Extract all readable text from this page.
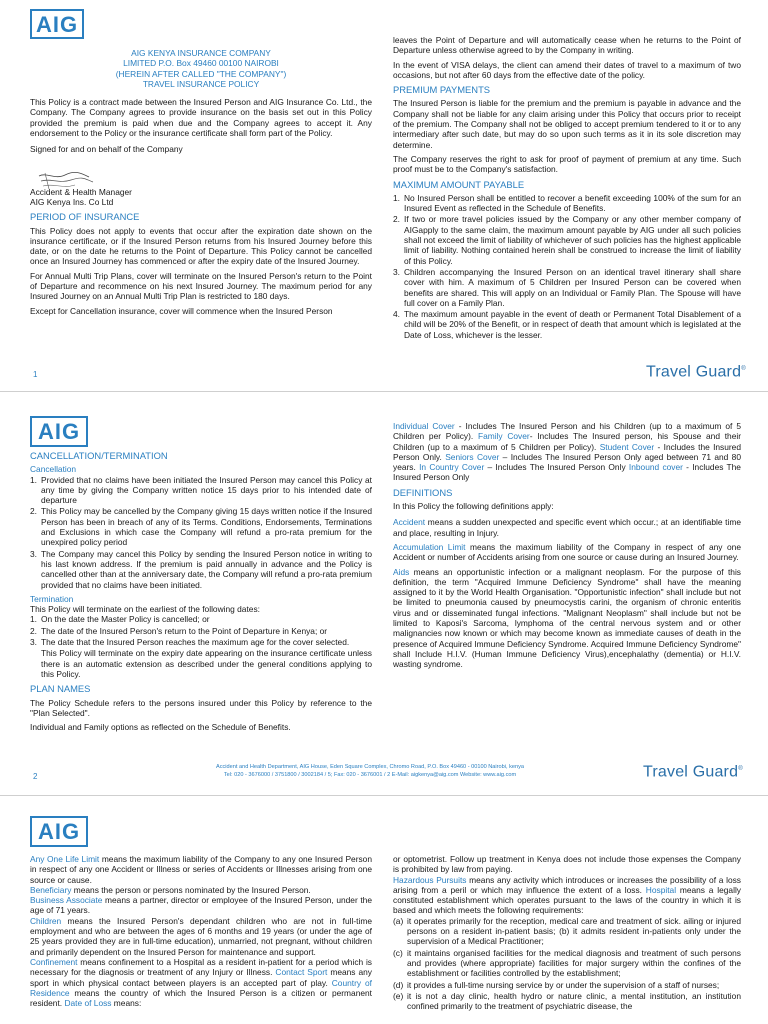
AIG

AIG KENYA INSURANCE COMPANY

LIMITED P.O. Box 49460 00100 NAIROBI

(HEREIN AFTER CALLED "THE COMPANY")

TRAVEL INSURANCE POLICY

This Policy is a contract made between the Insured Person and AIG Insurance Co. Ltd., the Company. The Company agrees to provide insurance on the basis set out in this Policy provided the premium is paid when due and the Company agrees to accept it. Any endorsement to the Policy or the insurance certificate shall form part of the Policy.

Signed for and on behalf of the Company

Accident & Health Manager

AIG Kenya Ins. Co Ltd

PERIOD OF INSURANCE

This Policy does not apply to events that occur after the expiration date shown on the insurance certificate, or if the Insured Person returns from his Insured Journey before this date, or on the date he returns to the Point of Departure. This Policy cannot be cancelled once an Insured Journey has commenced or after the expiry date of the Insured Journey.

For Annual Multi Trip Plans, cover will terminate on the Insured Person's return to the Point of Departure and recommence on his next Insured Journey. The maximum period for any Insured Journey on an Annual Multi Trip Plan is restricted to 180 days.

Except for Cancellation insurance, cover will commence when the Insured Person

leaves the Point of Departure and will automatically cease when he returns to the Point of Departure unless otherwise agreed to by the Company in writing.

In the event of VISA delays, the client can amend their dates of travel to a maximum of two occasions, but not after 60 days from the effective date of the policy.

PREMIUM PAYMENTS

The Insured Person is liable for the premium and the premium is payable in advance and the Company shall not be liable for any claim arising under this Policy that occurs prior to receipt of the premium. The Company shall not be obliged to accept premium tendered to it or to any intermediary after such date, but may do so upon such terms as it in its sole discretion may determine.

The Company reserves the right to ask for proof of payment of premium at any time. Such proof must be to the Company's satisfaction.

MAXIMUM AMOUNT PAYABLE
1. No Insured Person shall be entitled to recover a benefit exceeding 100% of the sum for an Insured Event as reflected in the Schedule of Benefits.
2. If two or more travel policies issued by the Company or any other member company of AIGapply to the same claim, the maximum amount payable by AIG under all such policies shall not exceed the limit of liability of whichever of such policies has the highest applicable limit of liability. Nothing contained herein shall be construed to increase the limit of liability of this Policy.
3. Children accompanying the Insured Person on an identical travel itinerary shall share cover with him. A maximum of 5 Children per Insured Person can be covered when benefits are shared. This will apply on an Individual or Family Plan. The Spouse will have full cover on a Family Plan.
4. The maximum amount payable in the event of death or Permanent Total Disablement of a child will be 20% of the Benefit, or in respect of death that amount which is legislated at the Date of Loss, whichever is the lesser.
1	Travel Guard®
AIG
CANCELLATION/TERMINATION
Cancellation
1. Provided that no claims have been initiated the Insured Person may cancel this Policy at any time by giving the Company written notice 15 days prior to his intended date of departure
2. This Policy may be cancelled by the Company giving 15 days written notice if the Insured Person has been in breach of any of its Terms. Conditions, Endorsements, Terminations and Exclusions in which case the Company will refund a pro-rata premium for the unexpired policy period
3. The Company may cancel this Policy by sending the Insured Person notice in writing to his last known address. If the premium is paid annually in advance and the Policy is cancelled other than at the anniversary date, the Company will refund a pro-rata premium provided that no claims have been initiated.
Termination

This Policy will terminate on the earliest of the following dates:

1. On the date the Master Policy is cancelled; or
2. The date of the Insured Person's return to the Point of Departure in Kenya; or
3. The date that the Insured Person reaches the maximum age for the cover selected.

This Policy will terminate on the expiry date appearing on the insurance certificate unless there is an automatic extension as described under the general conditions applying to this Policy.

PLAN NAMES

The Policy Schedule refers to the persons insured under this Policy by reference to the "Plan Selected".

Individual and Family options as reflected on the Schedule of Benefits.

Individual Cover - Includes The Insured Person and his Children (up to a maximum of 5 Children per Policy). Family Cover- Includes The Insured person, his Spouse and their Children (up to a maximum of 5 Children per Policy). Student Cover - Includes the Insured Person Only. Seniors Cover – Includes The Insured Person Only aged between 71 and 80 years. In Country Cover – Includes The Insured Person Only Inbound cover - Includes The Insured Person Only

DEFINITIONS

In this Policy the following definitions apply:

Accident means a sudden unexpected and specific event which occur.; at an identifiable time and place, resulting in Injury.

Accumulation Limit means the maximum liability of the Company in respect of any one Accident or number of Accidents arising from one source or cause during an Insured Journey.

Aids means an opportunistic infection or a malignant neoplasm. For the purpose of this definition, the term "Acquired Immune Deficiency Syndrome" shall have the meaning assigned to it by the World Health Organisation. "Opportunistic infection" shall include but not be limited to pneumonia caused by pneumocystis carini, the organism of chronic enteritis virus and or disseminated fungal infections. "Malignant Neoplasm" shall include but not be limited to Kaposi's Sarcoma, lymphoma of the central nervous system and or other malignancies now known or which may become known as immediate causes of death in the presence of Acquired Immune Deficiency Syndrome. Acquired Immune Deficiency Syndrome" shall Include H.I.V. (Human Immune Deficiency Virus),encephalathy (dementia) or H.I.V. wasting syndrome.

2
Accident and Health Department, AIG House, Eden Square Complex, Chromo Road, P.O. Box 49460 - 00100 Nairobi, kenya
Tel: 020 - 3676000 / 3751800 / 3002184 / 5; Fax: 020 - 3676001 / 2 E-Mail: aigkenya@aig.com Website: www.aig.com	Travel Guard®
AIG

Any One Life Limit means the maximum liability of the Company to any one Insured Person in respect of any one Accident or Illness or series of Accidents or Illnesses arising from one source or cause.

Beneficiary means the person or persons nominated by the Insured Person.

Business Associate means a partner, director or employee of the Insured Person, under the age of 71 years.

Children means the Insured Person's dependant children who are not in full-time employment and who are between the ages of 6 months and 19 years (or under the age of 25 years provided they are in full-time education), unmarried, not pregnant, without children and primarily dependent on the Insured Person for maintenance and support.

Confinement means confinement to a Hospital as a resident in-patient for a period which is necessary for the diagnosis or treatment of any Injury or Illness. Contact Sport means any sport in which physical contact between players is an accepted part of play. Country of Residence means the country of which the Insured Person is a citizen or permanent resident. Date of Loss means:

or optometrist. Follow up treatment in Kenya does not include those expenses the Company is prohibited by law from paying.

Hazardous Pursuits means any activity which introduces or increases the possibility of a loss arising from a peril or which may influence the extent of a loss. Hospital means a legally constituted establishment which operates pursuant to the laws of the country in which it is based and which meets the following requirements:

(a) it operates primarily for the reception, medical care and treatment of sick. ailing or injured persons on a resident in-patient basis; (b) it admits resident in-patients only under the supervision of a Medical Practitioner;
(c) it maintains organised facilities for the medical diagnosis and treatment of such persons and provides (where appropriate) facilities for major surgery within the confines of the establishment or facilities controlled by the establishment;
(d) it provides a full-time nursing service by or under the supervision of a staff of nurses;
(e) it is not a day clinic, health hydro or nature clinic, a mental institution, an institution confined primarily to the treatment of psychiatric disease, the
